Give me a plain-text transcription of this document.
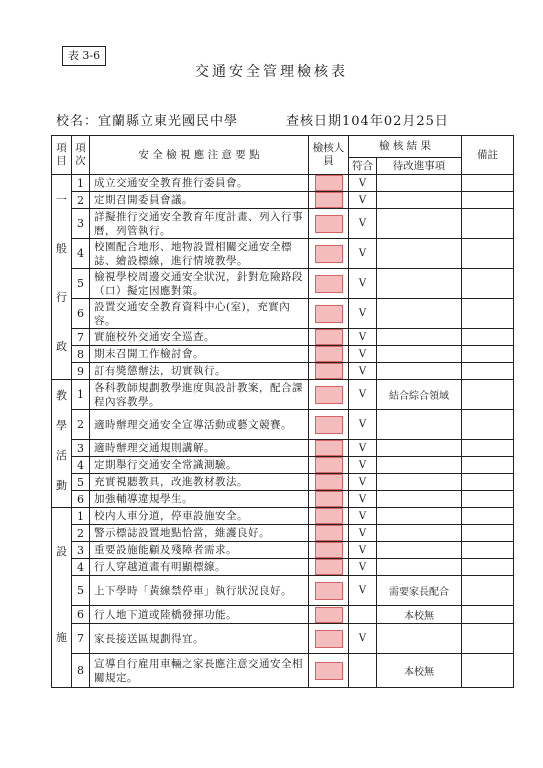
表 3-6
交通安全管理檢核表
校名：宜蘭縣立東光國民中學	查核日期104年02月25日
項目	項次	安 全 檢 視 應 注 意 要 點	檢核人員	檢 核 結 果		備註
				符合	待改進事項	

一
般
行
政	1	成立交通安全教育推行委員會。		V		
	2	定期召開委員會議。		V		
	3	詳擬推行交通安全教育年度計畫、列入行事曆，列管執行。		V		
	4	校園配合地形、地物設置相關交通安全標誌、繪設標線，進行情境教學。		V		
	5	檢視學校周邊交通安全狀況，針對危險路段（口）擬定因應對策。		V		
	6	設置交通安全教育資料中心(室)，充實內容。		V		
	7	實施校外交通安全巡查。		V		
	8	期末召開工作檢討會。		V		
	9	訂有獎懲辦法，切實執行。		V		

教
學
活
動	1	各科教師規劃教學進度與設計教案，配合課程內容教學。		V	結合綜合領域	
	2	適時辦理交通安全宣導活動或藝文競賽。		V		
	3	適時辦理交通規則講解。		V		
	4	定期舉行交通安全常識測驗。		V		
	5	充實視聽教具，改進教材教法。		V		
	6	加強輔導違規學生。		V		

設
施	1	校内人車分道，停車設施安全。		V		
	2	警示標誌設置地點恰當，維護良好。		V		
	3	重要設施能顧及殘障者需求。		V		
	4	行人穿越道畫有明顯標線。		V		
	5	上下學時「黃線禁停車」執行狀況良好。		V	需要家長配合	
	6	行人地下道或陸橋發揮功能。			本校無	
	7	家長接送區規劃得宜。		V		
	8	宣導自行雇用車輛之家長應注意交通安全相關規定。			本校無	
